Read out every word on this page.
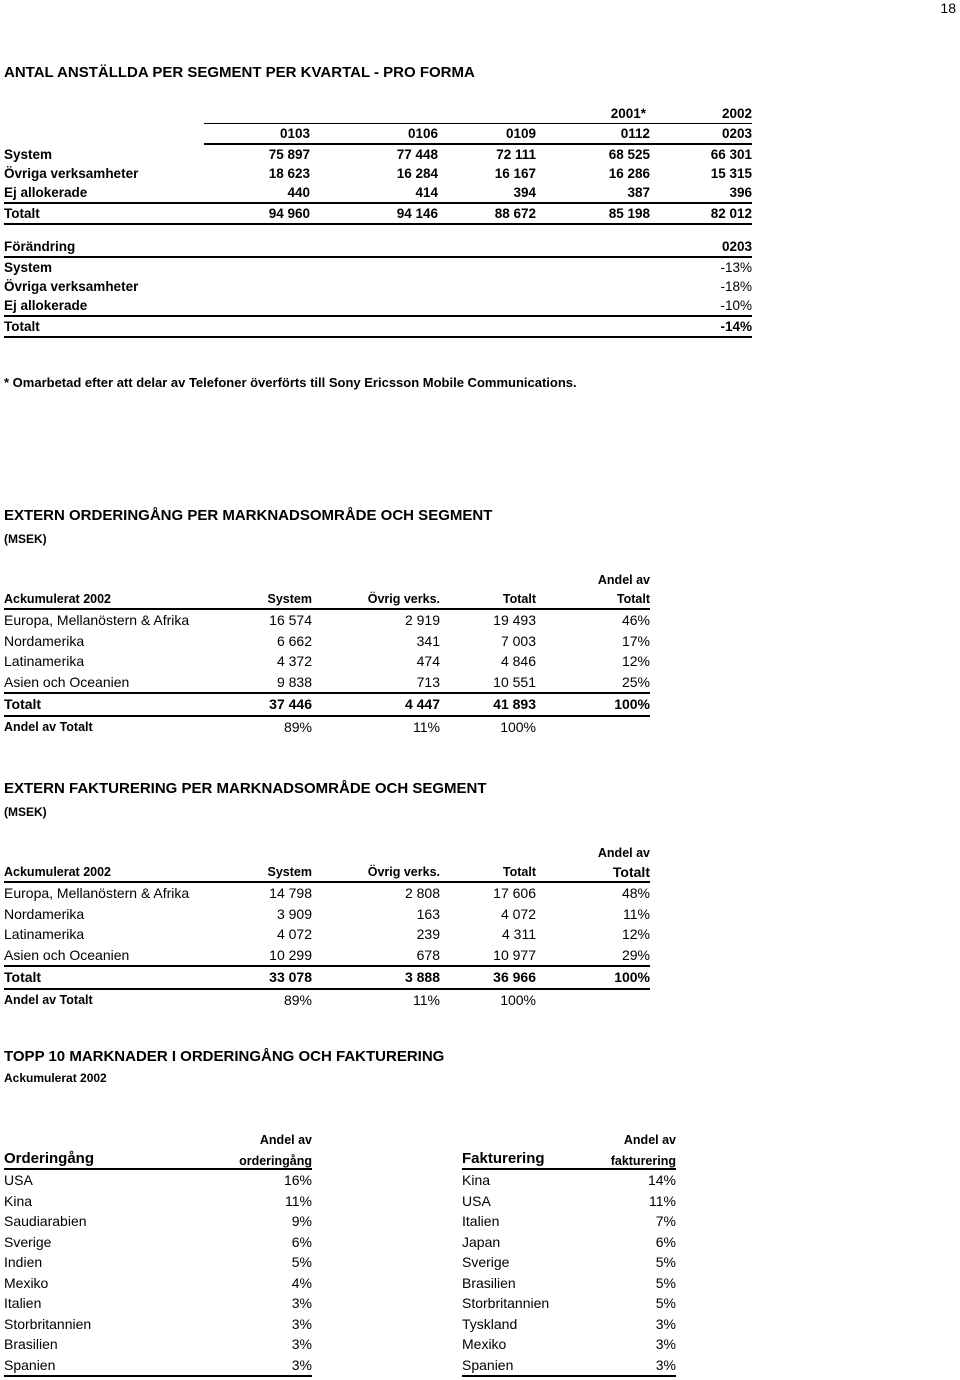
18
ANTAL ANSTÄLLDA PER SEGMENT PER KVARTAL - PRO FORMA
	2001*				2002
	0103	0106	0109	0112	0203
System	75 897	77 448	72 111	68 525	66 301
Övriga verksamheter	18 623	16 284	16 167	16 286	15 315
Ej allokerade	440	414	394	387	396
Totalt	94 960	94 146	88 672	85 198	82 012
Förändring	0203
System	-13%
Övriga verksamheter	-18%
Ej allokerade	-10%
Totalt	-14%
* Omarbetad efter att delar av Telefoner överförts till Sony Ericsson Mobile Communications.
EXTERN ORDERINGÅNG PER MARKNADSOMRÅDE OCH SEGMENT
(MSEK)
				Andel av
Ackumulerat 2002	System	Övrig verks.	Totalt	Totalt
Europa, Mellanöstern & Afrika	16 574	2 919	19 493	46%
Nordamerika	6 662	341	7 003	17%
Latinamerika	4 372	474	4 846	12%
Asien och Oceanien	9 838	713	10 551	25%
Totalt	37 446	4 447	41 893	100%
Andel av Totalt	89%	11%	100%	
EXTERN FAKTURERING PER MARKNADSOMRÅDE OCH SEGMENT
(MSEK)
				Andel av
Ackumulerat 2002	System	Övrig verks.	Totalt	Totalt
Europa, Mellanöstern & Afrika	14 798	2 808	17 606	48%
Nordamerika	3 909	163	4 072	11%
Latinamerika	4 072	239	4 311	12%
Asien och Oceanien	10 299	678	10 977	29%
Totalt	33 078	3 888	36 966	100%
Andel av Totalt	89%	11%	100%	
TOPP 10 MARKNADER I ORDERINGÅNG OCH FAKTURERING
Ackumulerat 2002
	Andel av
Orderingång	orderingång
USA	16%
Kina	11%
Saudiarabien	9%
Sverige	6%
Indien	5%
Mexiko	4%
Italien	3%
Storbritannien	3%
Brasilien	3%
Spanien	3%
	Andel av
Fakturering	fakturering
Kina	14%
USA	11%
Italien	7%
Japan	6%
Sverige	5%
Brasilien	5%
Storbritannien	5%
Tyskland	3%
Mexiko	3%
Spanien	3%
